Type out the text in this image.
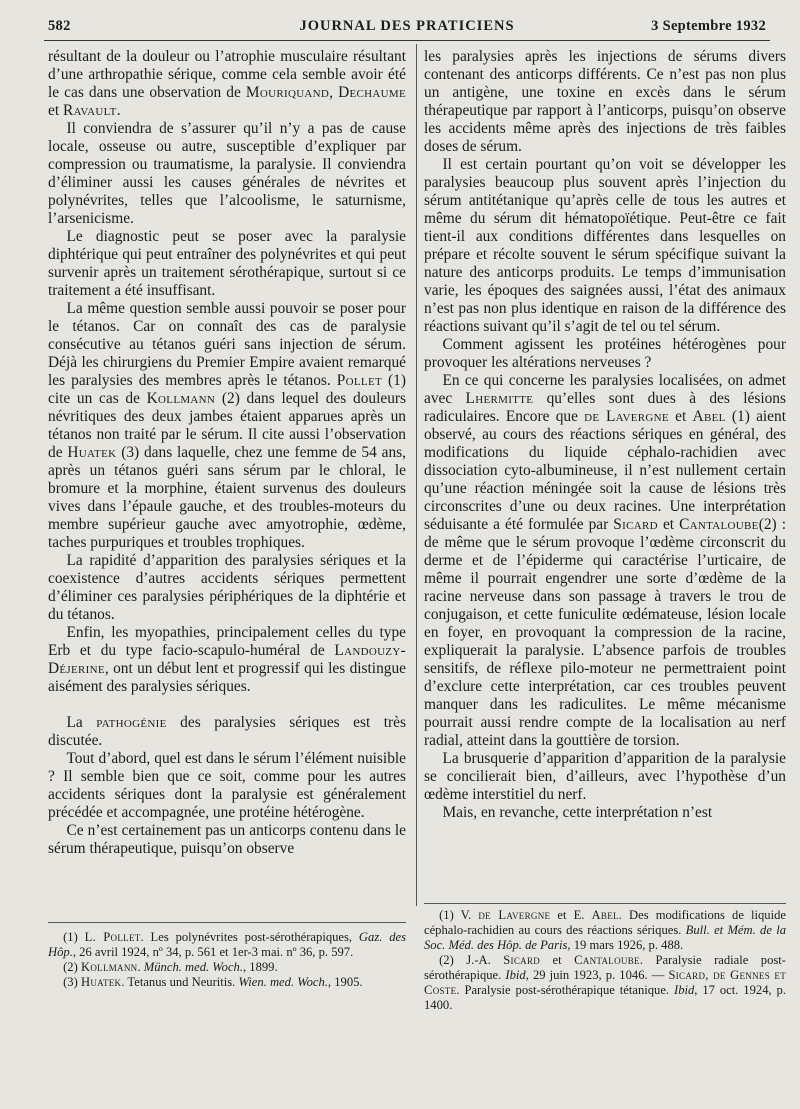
582	JOURNAL DES PRATICIENS	3 Septembre 1932

résultant de la douleur ou l’atrophie musculaire résultant d’une arthropathie sérique, comme cela semble avoir été le cas dans une observation de Mouriquand, Dechaume et Ravault.

Il conviendra de s’assurer qu’il n’y a pas de cause locale, osseuse ou autre, susceptible d’expliquer par compression ou traumatisme, la paralysie. Il conviendra d’éliminer aussi les causes générales de névrites et polynévrites, telles que l’alcoolisme, le saturnisme, l’arsenicisme.

Le diagnostic peut se poser avec la paralysie diphtérique qui peut entraîner des polynévrites et qui peut survenir après un traitement sérothérapique, surtout si ce traitement a été insuffisant.

La même question semble aussi pouvoir se poser pour le tétanos. Car on connaît des cas de paralysie consécutive au tétanos guéri sans injection de sérum. Déjà les chirurgiens du Premier Empire avaient remarqué les paralysies des membres après le tétanos. Pollet (1) cite un cas de Kollmann (2) dans lequel des douleurs névritiques des deux jambes étaient apparues après un tétanos non traité par le sérum. Il cite aussi l’observation de Huatek (3) dans laquelle, chez une femme de 54 ans, après un tétanos guéri sans sérum par le chloral, le bromure et la morphine, étaient survenus des douleurs vives dans l’épaule gauche, et des troubles-moteurs du membre supérieur gauche avec amyotrophie, œdème, taches purpuriques et troubles trophiques.

La rapidité d’apparition des paralysies sériques et la coexistence d’autres accidents sériques permettent d’éliminer ces paralysies périphériques de la diphtérie et du tétanos.

Enfin, les myopathies, principalement celles du type Erb et du type facio-scapulo-huméral de Landouzy-Déjerine, ont un début lent et progressif qui les distingue aisément des paralysies sériques.

La pathogénie des paralysies sériques est très discutée.

Tout d’abord, quel est dans le sérum l’élément nuisible ? Il semble bien que ce soit, comme pour les autres accidents sériques dont la paralysie est généralement précédée et accompagnée, une protéine hétérogène.

Ce n’est certainement pas un anticorps contenu dans le sérum thérapeutique, puisqu’on observe

les paralysies après les injections de sérums divers contenant des anticorps différents. Ce n’est pas non plus un antigène, une toxine en excès dans le sérum thérapeutique par rapport à l’anticorps, puisqu’on observe les accidents même après des injections de très faibles doses de sérum.

Il est certain pourtant qu’on voit se développer les paralysies beaucoup plus souvent après l’injection du sérum antitétanique qu’après celle de tous les autres et même du sérum dit hématopoïétique. Peut-être ce fait tient-il aux conditions différentes dans lesquelles on prépare et récolte souvent le sérum spécifique suivant la nature des anticorps produits. Le temps d’immunisation varie, les époques des saignées aussi, l’état des animaux n’est pas non plus identique en raison de la différence des réactions suivant qu’il s’agit de tel ou tel sérum.

Comment agissent les protéines hétérogènes pour provoquer les altérations nerveuses ?

En ce qui concerne les paralysies localisées, on admet avec Lhermitte qu’elles sont dues à des lésions radiculaires. Encore que de Lavergne et Abel (1) aient observé, au cours des réactions sériques en général, des modifications du liquide céphalo-rachidien avec dissociation cyto-albumineuse, il n’est nullement certain qu’une réaction méningée soit la cause de lésions très circonscrites d’une ou deux racines. Une interprétation séduisante a été formulée par Sicard et Cantaloube(2) : de même que le sérum provoque l’œdème circonscrit du derme et de l’épiderme qui caractérise l’urticaire, de même il pourrait engendrer une sorte d’œdème de la racine nerveuse dans son passage à travers le trou de conjugaison, et cette funiculite œdémateuse, lésion locale en foyer, en provoquant la compression de la racine, expliquerait la paralysie. L’absence parfois de troubles sensitifs, de réflexe pilo-moteur ne permettraient point d’exclure cette interprétation, car ces troubles peuvent manquer dans les radiculites. Le même mécanisme pourrait aussi rendre compte de la localisation au nerf radial, atteint dans la gouttière de torsion.

La brusquerie d’apparition d’apparition de la paralysie se concilierait bien, d’ailleurs, avec l’hypothèse d’un œdème interstitiel du nerf.

Mais, en revanche, cette interprétation n’est

(1) L. Pollet. Les polynévrites post-sérothérapiques, Gaz. des Hôp., 26 avril 1924, nº 34, p. 561 et 1er-3 mai. nº 36, p. 597.

(2) Kollmann. Münch. med. Woch., 1899.

(3) Huatek. Tetanus und Neuritis. Wien. med. Woch., 1905.

(1) V. de Lavergne et E. Abel. Des modifications de liquide céphalo-rachidien au cours des réactions sériques. Bull. et Mém. de la Soc. Méd. des Hôp. de Paris, 19 mars 1926, p. 488.

(2) J.-A. Sicard et Cantaloube. Paralysie radiale post-sérothérapique. Ibid, 29 juin 1923, p. 1046. — Sicard, de Gennes et Coste. Paralysie post-sérothérapique tétanique. Ibid, 17 oct. 1924, p. 1400.
